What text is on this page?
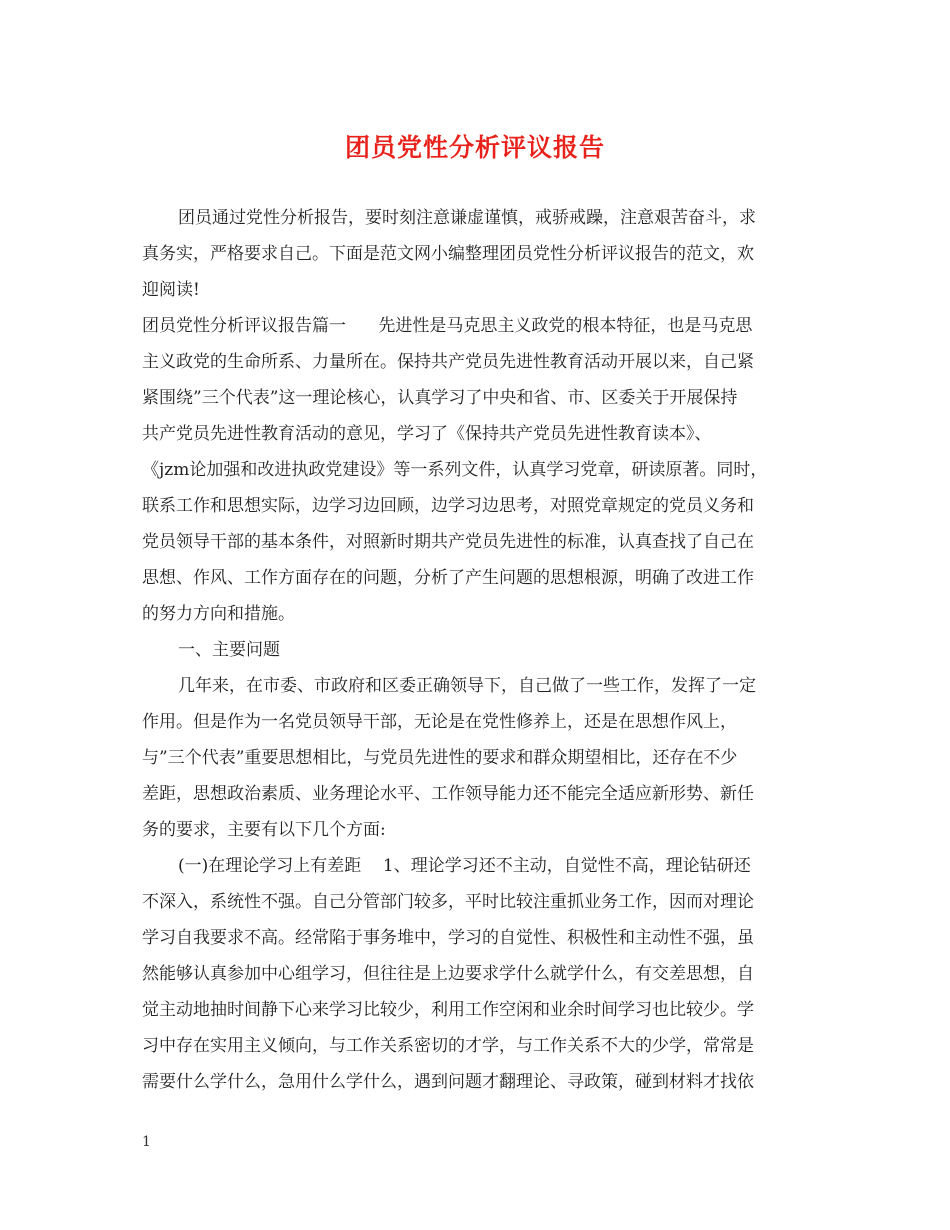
团员党性分析评议报告
团员通过党性分析报告，要时刻注意谦虚谨慎，戒骄戒躁，注意艰苦奋斗，求
真务实，严格要求自己。下面是范文网小编整理团员党性分析评议报告的范文，欢
迎阅读!
团员党性分析评议报告篇一      先进性是马克思主义政党的根本特征，也是马克思
主义政党的生命所系、力量所在。保持共产党员先进性教育活动开展以来，自己紧
紧围绕”三个代表”这一理论核心，认真学习了中央和省、市、区委关于开展保持
共产党员先进性教育活动的意见，学习了《保持共产党员先进性教育读本》、
《jzm论加强和改进执政党建设》等一系列文件，认真学习党章，研读原著。同时，
联系工作和思想实际，边学习边回顾，边学习边思考，对照党章规定的党员义务和
党员领导干部的基本条件，对照新时期共产党员先进性的标准，认真查找了自己在
思想、作风、工作方面存在的问题，分析了产生问题的思想根源，明确了改进工作
的努力方向和措施。
一、主要问题
几年来，在市委、市政府和区委正确领导下，自己做了一些工作，发挥了一定
作用。但是作为一名党员领导干部，无论是在党性修养上，还是在思想作风上，
与”三个代表”重要思想相比，与党员先进性的要求和群众期望相比，还存在不少
差距，思想政治素质、业务理论水平、工作领导能力还不能完全适应新形势、新任
务的要求，主要有以下几个方面:
(一)在理论学习上有差距    1、理论学习还不主动，自觉性不高，理论钻研还
不深入，系统性不强。自己分管部门较多，平时比较注重抓业务工作，因而对理论
学习自我要求不高。经常陷于事务堆中，学习的自觉性、积极性和主动性不强，虽
然能够认真参加中心组学习，但往往是上边要求学什么就学什么，有交差思想，自
觉主动地抽时间静下心来学习比较少，利用工作空闲和业余时间学习也比较少。学
习中存在实用主义倾向，与工作关系密切的才学，与工作关系不大的少学，常常是
需要什么学什么，急用什么学什么，遇到问题才翻理论、寻政策，碰到材料才找依
1
